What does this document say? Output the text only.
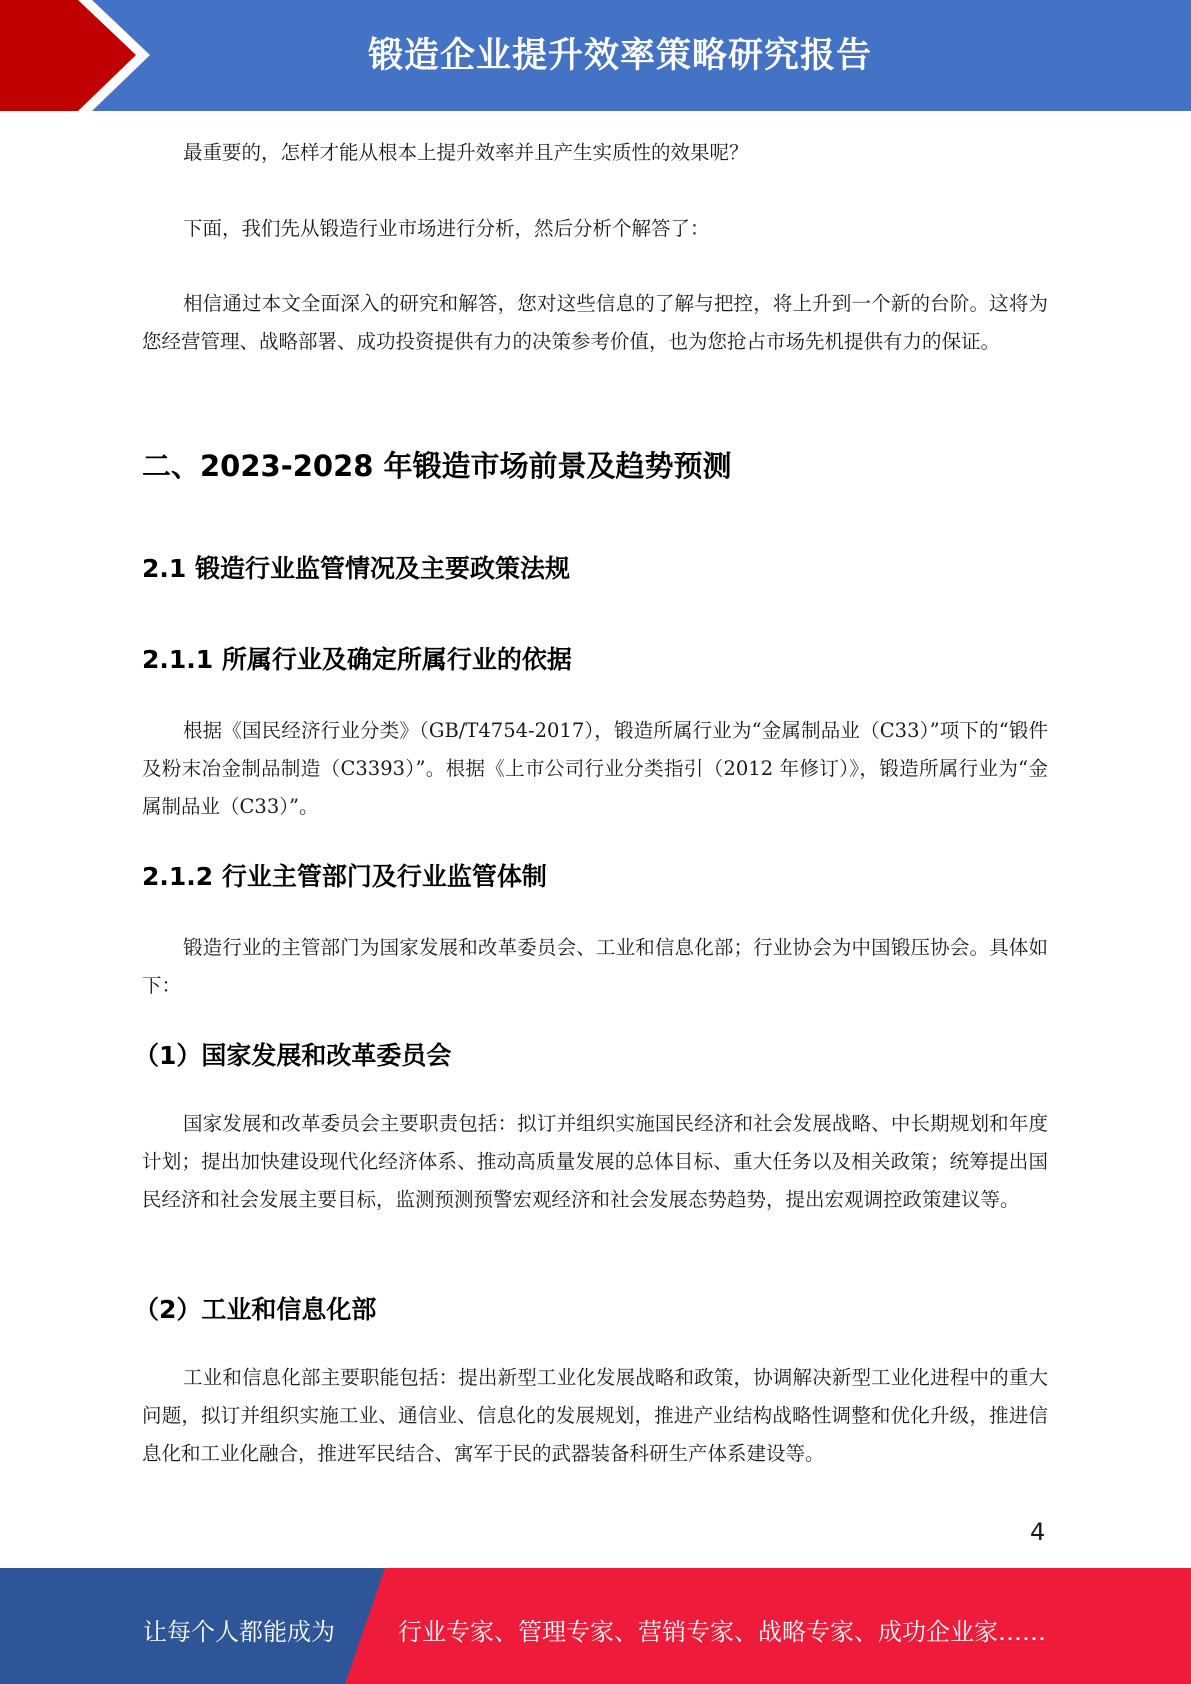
锻造企业提升效率策略研究报告

最重要的，怎样才能从根本上提升效率并且产生实质性的效果呢？

下面，我们先从锻造行业市场进行分析，然后分析个解答了：

相信通过本文全面深入的研究和解答，您对这些信息的了解与把控，将上升到一个新的台阶。这将为您经营管理、战略部署、成功投资提供有力的决策参考价值，也为您抢占市场先机提供有力的保证。

二、2023-2028 年锻造市场前景及趋势预测
2.1 锻造行业监管情况及主要政策法规
2.1.1 所属行业及确定所属行业的依据

根据《国民经济行业分类》（GB/T4754-2017），锻造所属行业为“金属制品业（C33）”项下的“锻件及粉末冶金制品制造（C3393）”。根据《上市公司行业分类指引（2012 年修订）》，锻造所属行业为“金属制品业（C33）”。

2.1.2 行业主管部门及行业监管体制

锻造行业的主管部门为国家发展和改革委员会、工业和信息化部；行业协会为中国锻压协会。具体如下：

（1）国家发展和改革委员会

国家发展和改革委员会主要职责包括：拟订并组织实施国民经济和社会发展战略、中长期规划和年度计划；提出加快建设现代化经济体系、推动高质量发展的总体目标、重大任务以及相关政策；统筹提出国民经济和社会发展主要目标，监测预测预警宏观经济和社会发展态势趋势，提出宏观调控政策建议等。

（2）工业和信息化部

工业和信息化部主要职能包括：提出新型工业化发展战略和政策，协调解决新型工业化进程中的重大问题，拟订并组织实施工业、通信业、信息化的发展规划，推进产业结构战略性调整和优化升级，推进信息化和工业化融合，推进军民结合、寓军于民的武器装备科研生产体系建设等。

4
让每个人都能成为	行业专家、管理专家、营销专家、战略专家、成功企业家……
